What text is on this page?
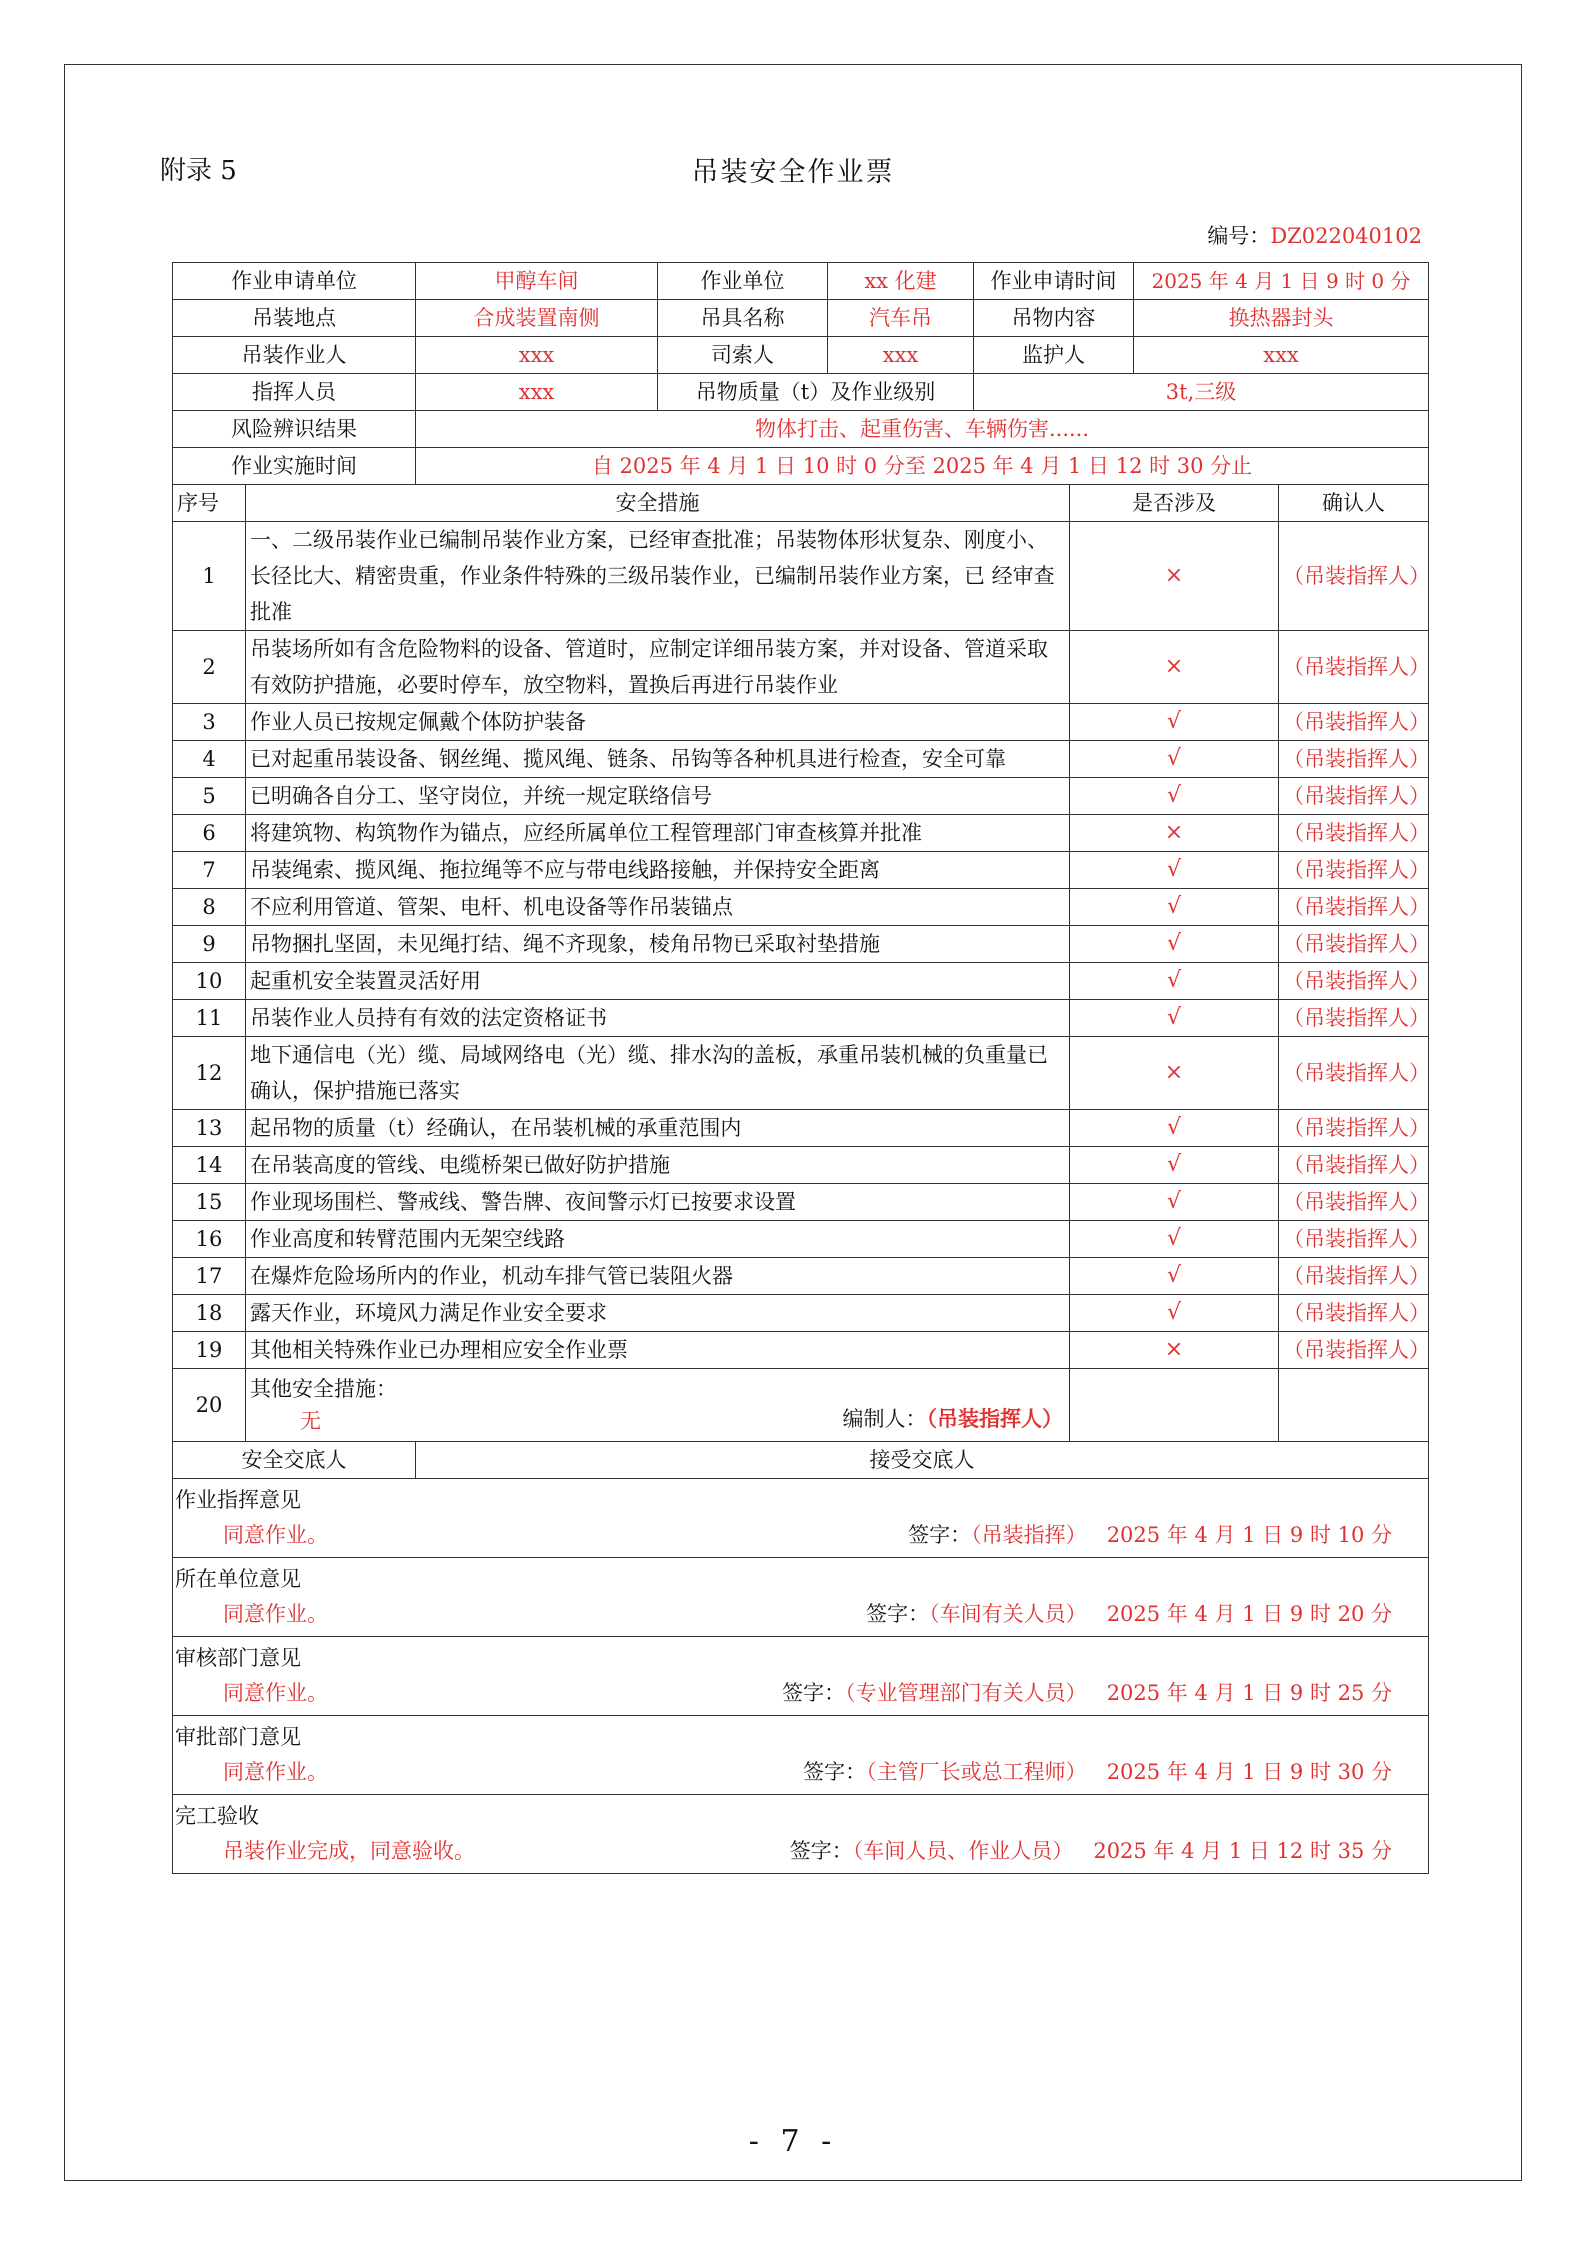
附录 5	吊装安全作业票
编号：DZ022040102
作业申请单位		甲醇车间	作业单位	xx 化建	作业申请时间		2025 年 4 月 1 日 9 时 0 分	
吊装地点		合成装置南侧	吊具名称	汽车吊	吊物内容		换热器封头	
吊装作业人		xxx	司索人	xxx	监护人		xxx	
指挥人员		xxx	吊物质量（t）及作业级别		3t,三级			
风险辨识结果		物体打击、起重伤害、车辆伤害......						
作业实施时间		自 2025 年 4 月 1 日 10 时 0 分至 2025 年 4 月 1 日 12 时 30 分止						
序号	安全措施					是否涉及		确认人
1	一、二级吊装作业已编制吊装作业方案，已经审查批准；吊装物体形状复杂、刚度小、长径比大、精密贵重，作业条件特殊的三级吊装作业，已编制吊装作业方案，已 经审查批准					×		（吊装指挥人）
2	吊装场所如有含危险物料的设备、管道时，应制定详细吊装方案，并对设备、管道采取有效防护措施，必要时停车，放空物料，置换后再进行吊装作业					×		（吊装指挥人）
3	作业人员已按规定佩戴个体防护装备					√		（吊装指挥人）
4	已对起重吊装设备、钢丝绳、揽风绳、链条、吊钩等各种机具进行检查，安全可靠					√		（吊装指挥人）
5	已明确各自分工、坚守岗位，并统一规定联络信号					√		（吊装指挥人）
6	将建筑物、构筑物作为锚点，应经所属单位工程管理部门审查核算并批准					×		（吊装指挥人）
7	吊装绳索、揽风绳、拖拉绳等不应与带电线路接触，并保持安全距离					√		（吊装指挥人）
8	不应利用管道、管架、电杆、机电设备等作吊装锚点					√		（吊装指挥人）
9	吊物捆扎坚固，未见绳打结、绳不齐现象，棱角吊物已采取衬垫措施					√		（吊装指挥人）
10	起重机安全装置灵活好用					√		（吊装指挥人）
11	吊装作业人员持有有效的法定资格证书					√		（吊装指挥人）
12	地下通信电（光）缆、局域网络电（光）缆、排水沟的盖板，承重吊装机械的负重量已 确认，保护措施已落实					×		（吊装指挥人）
13	起吊物的质量（t）经确认，在吊装机械的承重范围内					√		（吊装指挥人）
14	在吊装高度的管线、电缆桥架已做好防护措施					√		（吊装指挥人）
15	作业现场围栏、警戒线、警告牌、夜间警示灯已按要求设置					√		（吊装指挥人）
16	作业高度和转臂范围内无架空线路					√		（吊装指挥人）
17	在爆炸危险场所内的作业，机动车排气管已装阻火器					√		（吊装指挥人）
18	露天作业，环境风力满足作业安全要求					√		（吊装指挥人）
19	其他相关特殊作业已办理相应安全作业票					×		（吊装指挥人）
20	其他安全措施：
无 编制人：（吊装指挥人）							

安全交底人		接受交底人						

作业指挥意见
同意作业。 签字：（吊装指挥） 2025 年 4 月 1 日 9 时 10 分								

所在单位意见
同意作业。 签字：（车间有关人员） 2025 年 4 月 1 日 9 时 20 分								

审核部门意见
同意作业。 签字：（专业管理部门有关人员） 2025 年 4 月 1 日 9 时 25 分								

审批部门意见
同意作业。 签字：（主管厂长或总工程师） 2025 年 4 月 1 日 9 时 30 分								

完工验收
吊装作业完成，同意验收。 签字：（车间人员、作业人员） 2025 年 4 月 1 日 12 时 35 分								
- 7 -
